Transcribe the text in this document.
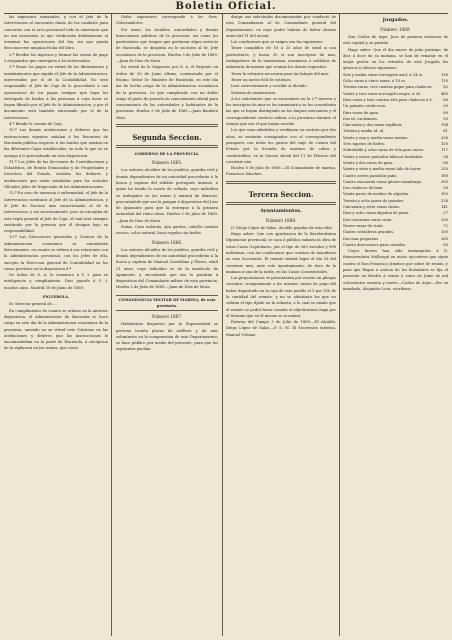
Boletin Oficial.

los expuestos semanales, y con el Jefe de la Intervencion al encuentro diario de los caudales para concertar con el arca provincial todo la existencia que no sea reservada, lo que verificarán debidamente al terminar las operaciones del dia, sin que pueda desconocerse ninguna fecha del libro.

2.ª Recibir los ingresos y formar las cartas de pago ó resguardos que entreguen á los interesados.

3.ª Poner los pagos en virtud de los libramientos y mandamientos que expida el Jefe de la Administracion, intervenidos por el de la Contabilidad. No será responsable el Jefe de Caja de lo procedente á sus operaciones de los pagos siempre que haya los entregado de fondos á las personas á cuyo favor se hayan librado por el Jefe de la Administracion, y por el documento será también autorizado por el de la Intervencion.

4.ª Rendir la cuenta de Caja.

10.ª Las demás atribuciones y deberes que las instrucciones vigentes señalan á los Tesoreros de Hacienda pública respecto á los fondos que existan en las diferentes Cajas establecidas, en todo lo que no se oponga á lo preceptuado en esta disposicion.

11.ª Los Jefes de las Secciones de Contribuciones y Estadística, de Rentas Estancadas y de Propiedades y Derechos del Estado, tendrán los deberes y atribuciones que están señaladas para los actuales Oficiales Jefes de Negociado de las Administraciones.

12.ª En caso de ausencia ó enfermedad, el Jefe de la Intervencion sustituirá al Jefe de la Administracion, y el Jefe de Seccion más caracterizado al de la Intervencion, y así sucesivamente; pero se exceptúa de esta regla general al Jefe de Caja, el cual será siempre sustituido por la persona que él designe bajo su responsabilidad.

13.ª Las Direcciones generales y Centros de la Administracion económica se entenderán directamente, en cuanto se refiera á sus relaciones con la Administracion provincial, con los Jefes de ella, excepto la Direccion general de Contabilidad en los casos previstos en la disposicion 6.ª

De órden de S. A. lo comunico á V. I. para su inteligencia y cumplimiento. Dios guarde á V. I. muchos años. Madrid 30 de Junio de 1869.

FIGUEROLA.

Sr. Director general de....

En cumplimiento de cuanto se ordena en la anterior disposicion, el Administrador de Hacienda se hace cargo en este dia de la Administracion económica de la provincia, uniendo en su virtud este Gobierno en las atribuciones y deberes que las instrucciones le encomendaban en la parte de Hacienda, á excepcion de la vigilancia en las rentas, que como

Gefes superiores corresponde á los Sres. Gobernadores.

Por tanto, los alcaldes, autoridades y demás funcionarios públicos de la provincia, así como los particulares que tengan que gestionar algun servicio de Hacienda, se dirigirán en lo sucesivo al Sr. Jefe económico de la provincia. Huelva 3 de Julio de 1869.—Juan de Dios de Mora.

En virtud de lo dispuesto por S. A. el Regente en órden de 30 de Junio último, comunicada por el Excmo. Señor Sr. Ministro de Hacienda, en este dia me he hecho cargo de la Administracion económica de la provincia. Lo que cumpliendo con mi deber tengo el gusto de ponerlo en conocimiento oficial para conocimiento de las autoridades y habitantes de la provincia. Huelva 3 de Julio de 1869.—Juan Bautista Niño.

Segunda Seccion.
GOBIERNO DE LA PROVINCIA.
Número 1885.

Los señores Alcaldes de los pueblos, guardia civil y demás dependientes de mi autoridad procederán á la busca y captura del súbdito portugués Antonio, á quien ha tenido la suerte de soltado, cuyo individuo se trabajador en las minas y natural de Barrosó; procurándole que sea la pongan á disposicion del Juez de Ayamonte para que la entregue á la primera autoridad del reino reino. Huelva 2 de Julio de 1869.—Juan de Dios de Mora.

Señas. Cara redonda, ojos pardos, cabello castaño oscuro, color natural, boca regular, sin barba.

Número 1886.

Los señores Alcaldes de los pueblos, guardia civil y demás dependientes de mi autoridad procederán á la busca y captura de Manuel Castellano y Flores, edad 21 años, cuyo individuo es de la matrícula de Ayamonte; y encontrado que sea lo pondrán á disposicion del Comandante militar de esta provincia. Huelva 2 de Julio de 1869.—Juan de Dios de Mora.

COMANDANCIA MILITAR DE MARINA, de esta provincia.
Número 1887.

Habiéndose dispuesto por la Superioridad se provean treinta plazas de artillero y de mar voluntarios en la comprension de este Departamento, se hace público por medio del presente, para que los aspirantes puedan

dirigir sus solicitudes documentadas por conducto de esta Comandancia al Sr. Comandante general del Departamento, en cuyo poder habrán de haber obrado antes del 31 del actual.

Las condiciones que se exigen son las siguientes:

Tener cumplidos de 18 á 25 años de edad si son particulares, y hasta 35 si son inscriptos de mar, trabajadores de la maestranza, marineros ó soldados de infantería de marina que reunan los demás requisitos.

Tener la robustez necesaria para las fatigas del mar.

Tener un metro 654 de estatura.

Leer correctamente y escribir al dictado.

Sistema de numeracion.

A los solicitantes que se encuentren en la 2.ª reserva y los inscriptos de mar se les examinará y se les concederán las que se hayan distinguido en los buques mercantes y el correspondiente servicio militar a la provincia durante el tiempo que sea el que hayan servido.

Los que sean admitidos y verifiquen su contrato por dos años, se enviarán consignados con el correspondiente pasaporte con todos los gastos del viaje de cuenta del Estado por la Escuela de marinos de cabos y condestables, en la Gaceta oficial del 11 de Febrero del corriente año.

Huelva 5 de Julio de 1869.—El Comandante de marina, Francisco Sánchez.

Tercera Seccion.
Ayuntamientos.
Número 1888.

D. Diego López de Salas, Alcalde popular de esta villa.

Hago saber: Que con aprobacion de la Excelentísima Diputacion provincial, se saca á pública subasta la obra de estas Casas Capitulares, por el tipo de 383 escudos y 998 milésimas, con las condiciones que constan de manifiesto en esta Secretaría. El remate tendrá lugar el dia 18 del corriente mes, ante este Ayuntamiento, de doce de la mañana á una de la tarde, en las Casas Consistoriales.

Las proposiciones se presentarán por escrito en pliegos cerrados, acompañando a los mismos cartas de pago del haber depositado en la caja de este pueblo el 5 por 100 de la cantidad del remate, y no se admitirán las que no cubran el tipo fijado en la subasta, a lo cual se añade que el remate se podrá hacer cuando el adjudicatario haga por el término que en él mismo se acordará.

Paterna del Campo 3 de Julio de 1869.—El Alcalde, Diego López de Salas.—P. S. M. El Secretario interino, Manuel Urbano.

Juzgados.
Número 1889.

Don Cárlos de Arpe, Juez de primera instancia de esta capital y su partido.

Hago saber: Que el dia nueve de julio próximo, de diez á doce de su mañana, se han de rematar en el mejor postor en los estrados de este Juzgado los géneros y efectos siguientes:

Seis y media varas terciopelo azul, á 24 rs.	156
Ocho varas y cinco varas, á 10 rs.	110
Treinta varas, tres cuartas pique para chalecos.	82
Veinte y tres varas terciopelo negro, á 20.	460
Diez varas y tres cuartas tela para chalecos á 8.	86
Un palmito confeccion.	50
Diez varas de gasa.	80
Dos id. cachemira.	90
Cincuenta y dos varas arpillera.	194
Treinta y media id. id.	61
Veinte y una y media varas merino.	236
Tres tapetes de fieltro.	150
Sobrefalda y ocho varas de tela para sacos.	117
Veinte y nueve pañuelos blancos bordados.	58
Veinte y dos varas de gasa.	66
Veinte y siete y media varas hilo de hacer.	220
Cuatro cortes pantalon paño.	180
Cuatro cincuenta varas género manilargo.	300
Dos chalecos de lana.	50
Veinte pares de medias de algodon.	100
Treinta y ocho pares de guantes.	228
Cincuenta y siete varas cintas.	141
Diez y ocho varas algodon de pinta.	27
Dos-cincuenta varas cinta.	200
Nueve varas de cinta.	72
Cuatro cristaleras grandes.	100
Dos mas pequeñas.	260
Cuatro disecciones para cristales.	80

Cuyos bienes han sido embargados á D. Buenaventura Mallorquí en autos ejecutivos que sigue contra el Don Francisco Jiménez por sobre de rentas, y para que llegue á noticia de los licitadores se fija el presente en Huelva á veinte y cinco de Junio de mil ochocientos sesenta y nueve.—Carlos de Arpe.—Por su mandado, Alejandro Lora, escribano.
